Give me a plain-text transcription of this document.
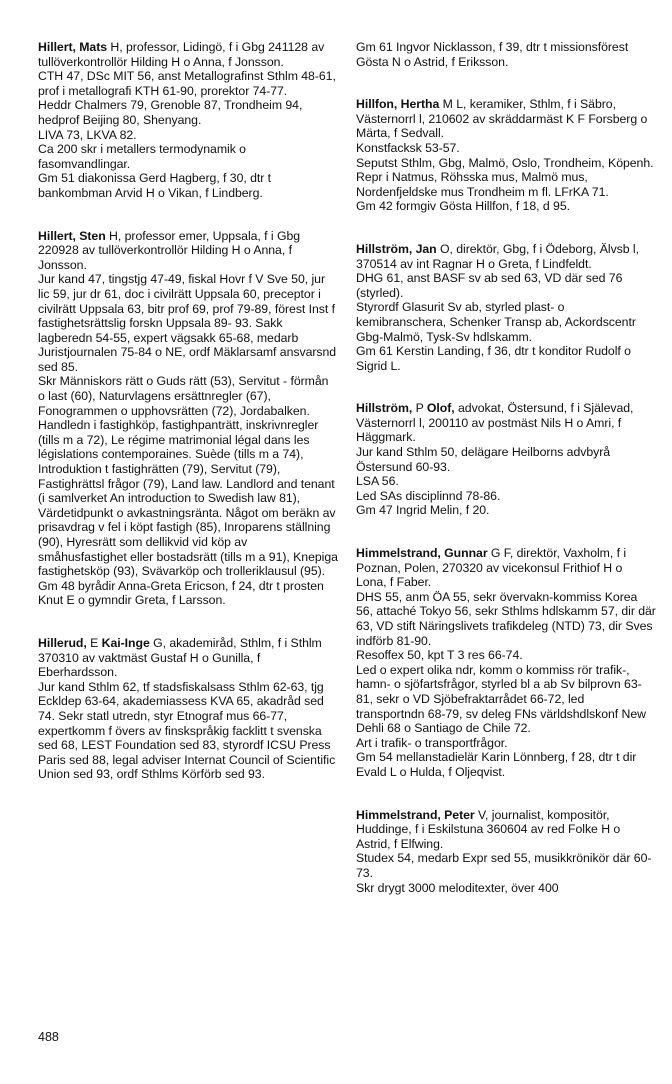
Hillert, Mats H, professor, Lidingö, f i Gbg 241128 av tullöverkontrollör Hilding H o Anna, f Jonsson.

CTH 47, DSc MIT 56, anst Metallografinst Sthlm 48-61, prof i metallografi KTH 61-90, prorektor 74-77.

Heddr Chalmers 79, Grenoble 87, Trondheim 94, hedprof Beijing 80, Shenyang.

LIVA 73, LKVA 82.

Ca 200 skr i metallers termodynamik o fasomvandlingar.

Gm 51 diakonissa Gerd Hagberg, f 30, dtr t bankombman Arvid H o Vikan, f Lindberg.

Hillert, Sten H, professor emer, Uppsala, f i Gbg 220928 av tullöverkontrollör Hilding H o Anna, f Jonsson.

Jur kand 47, tingstjg 47-49, fiskal Hovr f V Sve 50, jur lic 59, jur dr 61, doc i civilrätt Uppsala 60, preceptor i civilrätt Uppsala 63, bitr prof 69, prof 79-89, förest Inst f fastighetsrättslig forskn Uppsala 89- 93. Sakk lagberedn 54-55, expert vägsakk 65-68, medarb Juristjournalen 75-84 o NE, ordf Mäklarsamf ansvarsnd sed 85.

Skr Människors rätt o Guds rätt (53), Servitut - förmån o last (60), Naturvlagens ersättnregler (67), Fonogrammen o upphovsrätten (72), Jordabalken. Handledn i fastighköp, fastighpanträtt, inskrivnregler (tills m a 72), Le régime matrimonial légal dans les législations contemporaines. Suède (tills m a 74), Introduktion t fastighrätten (79), Servitut (79), Fastighrättsl frågor (79), Land law. Landlord and tenant (i samlverket An introduction to Swedish law 81), Värdetidpunkt o avkastningsränta. Något om beräkn av prisavdrag v fel i köpt fastigh (85), Inroparens ställning (90), Hyresrätt som dellikvid vid köp av småhusfastighet eller bostadsrätt (tills m a 91), Knepiga fastighetsköp (93), Svävarköp och trolleriklausul (95).

Gm 48 byrådir Anna-Greta Ericson, f 24, dtr t prosten Knut E o gymndir Greta, f Larsson.

Hillerud, E Kai-Inge G, akademiråd, Sthlm, f i Sthlm 370310 av vaktmäst Gustaf H o Gunilla, f Eberhardsson.

Jur kand Sthlm 62, tf stadsfiskalsass Sthlm 62-63, tjg Eckldep 63-64, akademiassess KVA 65, akadråd sed 74. Sekr statl utredn, styr Etnograf mus 66-77, expertkomm f övers av finskspråkig facklitt t svenska sed 68, LEST Foundation sed 83, styrordf ICSU Press Paris sed 88, legal adviser Internat Council of Scientific Union sed 93, ordf Sthlms Körförb sed 93.

Gm 61 Ingvor Nicklasson, f 39, dtr t missionsförest Gösta N o Astrid, f Eriksson.

Hillfon, Hertha M L, keramiker, Sthlm, f i Säbro, Västernorrl l, 210602 av skräddarmäst K F Forsberg o Märta, f Sedvall.

Konstfacksk 53-57.

Seputst Sthlm, Gbg, Malmö, Oslo, Trondheim, Köpenh.

Repr i Natmus, Röhsska mus, Malmö mus, Nordenfjeldske mus Trondheim m fl. LFrKA 71.

Gm 42 formgiv Gösta Hillfon, f 18, d 95.

Hillström, Jan O, direktör, Gbg, f i Ödeborg, Älvsb l, 370514 av int Ragnar H o Greta, f Lindfeldt.

DHG 61, anst BASF sv ab sed 63, VD där sed 76 (styrled).

Styrordf Glasurit Sv ab, styrled plast- o kemibranschera, Schenker Transp ab, Ackordscentr Gbg-Malmö, Tysk-Sv hdlskamm.

Gm 61 Kerstin Landing, f 36, dtr t konditor Rudolf o Sigrid L.

Hillström, P Olof, advokat, Östersund, f i Själevad, Västernorrl l, 200110 av postmäst Nils H o Amri, f Häggmark.

Jur kand Sthlm 50, delägare Heilborns advbyrå Östersund 60-93.

LSA 56.

Led SAs disciplinnd 78-86.

Gm 47 Ingrid Melin, f 20.

Himmelstrand, Gunnar G F, direktör, Vaxholm, f i Poznan, Polen, 270320 av vicekonsul Frithiof H o Lona, f Faber.

DHS 55, anm ÖA 55, sekr övervakn-kommiss Korea 56, attaché Tokyo 56, sekr Sthlms hdlskamm 57, dir där 63, VD stift Näringslivets trafikdeleg (NTD) 73, dir Sves indförb 81-90.

Resoffex 50, kpt T 3 res 66-74.

Led o expert olika ndr, komm o kommiss rör trafik-, hamn- o sjöfartsfrågor, styrled bl a ab Sv bilprovn 63-81, sekr o VD Sjöbefraktarrådet 66-72, led transportndn 68-79, sv deleg FNs världshdlskonf New Dehli 68 o Santiago de Chile 72.

Art i trafik- o transportfrågor.

Gm 54 mellanstadielär Karin Lönnberg, f 28, dtr t dir Evald L o Hulda, f Oljeqvist.

Himmelstrand, Peter V, journalist, kompositör, Huddinge, f i Eskilstuna 360604 av red Folke H o Astrid, f Elfwing.

Studex 54, medarb Expr sed 55, musikkrönikör där 60-73.

Skr drygt 3000 meloditexter, över 400

488
